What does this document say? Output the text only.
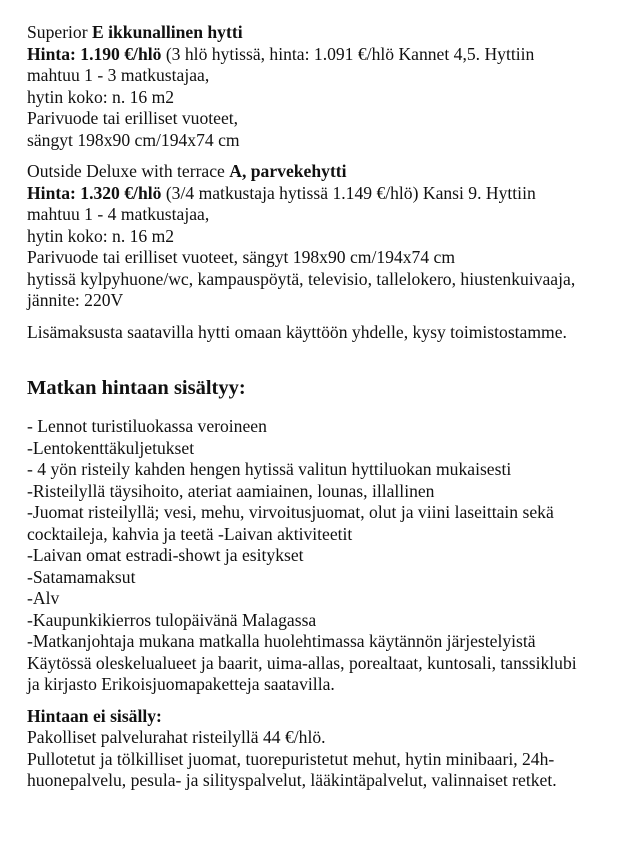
Superior E ikkunallinen hytti
Hinta: 1.190 €/hlö (3 hlö hytissä, hinta: 1.091 €/hlö Kannet 4,5. Hyttiin
mahtuu 1 - 3 matkustajaa,
hytin koko: n. 16 m2
Parivuode tai erilliset vuoteet,
sängyt 198x90 cm/194x74 cm
Outside Deluxe with terrace A, parvekehytti
Hinta: 1.320 €/hlö (3/4 matkustaja hytissä 1.149 €/hlö) Kansi 9. Hyttiin
mahtuu 1 - 4 matkustajaa,
hytin koko: n. 16 m2
Parivuode tai erilliset vuoteet, sängyt 198x90 cm/194x74 cm
hytissä kylpyhuone/wc, kampauspöytä, televisio, tallelokero, hiustenkuivaaja,
jännite: 220V
Lisämaksusta saatavilla hytti omaan käyttöön yhdelle, kysy toimistostamme.
Matkan hintaan sisältyy:
- Lennot turistiluokassa veroineen
-Lentokenttäkuljetukset
- 4 yön risteily kahden hengen hytissä valitun hyttiluokan mukaisesti
-Risteilyllä täysihoito, ateriat aamiainen, lounas, illallinen
-Juomat risteilyllä; vesi, mehu, virvoitusjuomat, olut ja viini laseittain sekä
cocktaileja, kahvia ja teetä -Laivan aktiviteetit
-Laivan omat estradi-showt ja esitykset
-Satamamaksut
-Alv
-Kaupunkikierros tulopäivänä Malagassa
-Matkanjohtaja mukana matkalla huolehtimassa käytännön järjestelyistä
Käytössä oleskelualueet ja baarit, uima-allas, porealtaat, kuntosali, tanssiklubi
ja kirjasto Erikoisjuomapaketteja saatavilla.
Hintaan ei sisälly:
Pakolliset palvelurahat risteilyllä 44 €/hlö.
Pullotetut ja tölkilliset juomat, tuorepuristetut mehut, hytin minibaari, 24h-
huonepalvelu, pesula- ja silityspalvelut, lääkintäpalvelut, valinnaiset retket.
